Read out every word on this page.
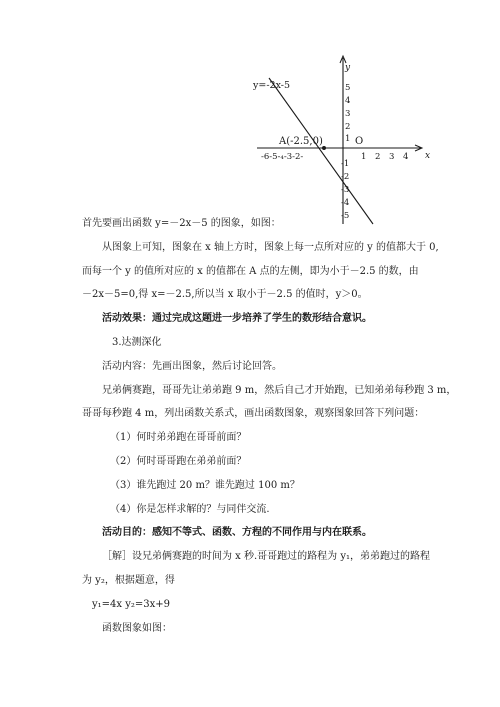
y=-2x-5
y
x
A(-2.5,0)	O
5
4
3
2
1
-1
-2
-3
-4
-5
-6-5-₄-3-2-	1 2 3 4
首先要画出函数 y=－2x－5 的图象，如图：
从图象上可知，图象在 x 轴上方时，图象上每一点所对应的 y 的值都大于 0,
而每一个 y 的值所对应的 x 的值都在 A 点的左侧，即为小于－2.5 的数，由
－2x－5=0,得 x=－2.5,所以当 x 取小于－2.5 的值时，y＞0。
活动效果：通过完成这题进一步培养了学生的数形结合意识。
3.达测深化
活动内容：先画出图象，然后讨论回答。
兄弟俩赛跑，哥哥先让弟弟跑 9 m，然后自己才开始跑，已知弟弟每秒跑 3 m，
哥哥每秒跑 4 m，列出函数关系式，画出函数图象，观察图象回答下列问题：
（1）何时弟弟跑在哥哥前面？
（2）何时哥哥跑在弟弟前面？
（3）谁先跑过 20 m？谁先跑过 100 m？
（4）你是怎样求解的？与同伴交流.
活动目的：感知不等式、函数、方程的不同作用与内在联系。
［解］设兄弟俩赛跑的时间为 x 秒.哥哥跑过的路程为 y₁，弟弟跑过的路程
为 y₂，根据题意，得
y₁=4x y₂=3x+9
函数图象如图：
